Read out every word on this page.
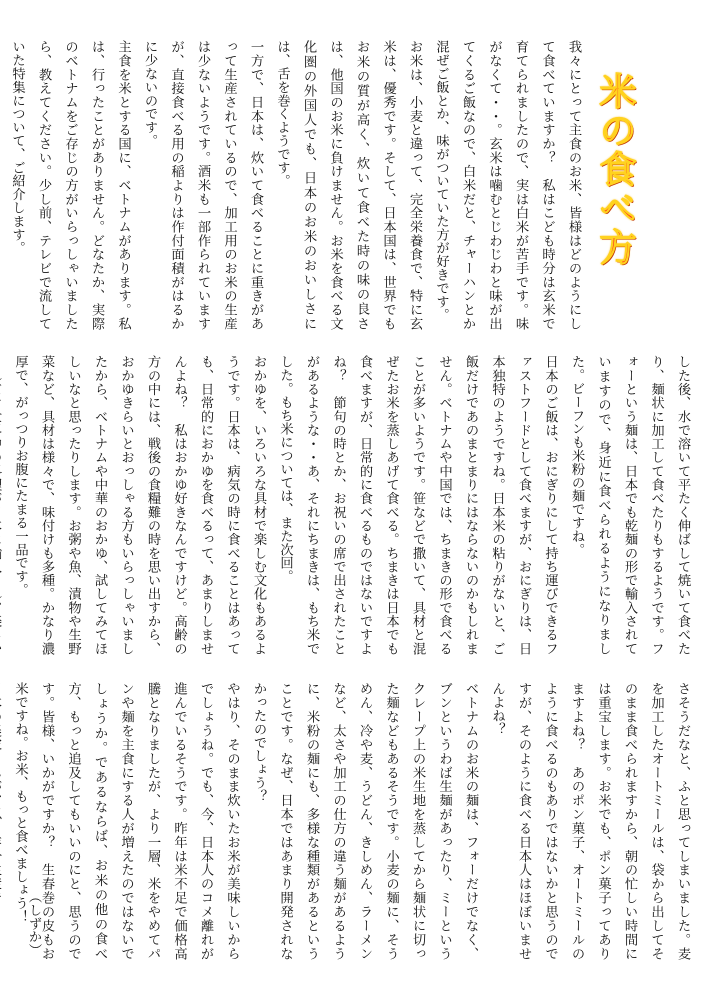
米の食べ方

我々にとって主食のお米、皆様はどのようにして食べていますか？　私はこども時分は玄米で育てられましたので、実は白米が苦手です。味がなくて・・。玄米は噛むとじわじわと味が出てくるご飯なので、白米だと、チャーハンとか混ぜご飯とか、味がついていた方が好きです。

お米は、小麦と違って、完全栄養食で、特に玄米は、優秀です。そして、日本国は、世界でもお米の質が高く、炊いて食べた時の味の良さは、他国のお米に負けません。お米を食べる文化圏の外国人でも、日本のお米のおいしさには、舌を巻くようです。

一方で、日本は、炊いて食べることに重きがあって生産されているので、加工用のお米の生産は少ないようです。酒米も一部作られていますが、直接食べる用の稲よりは作付面積がはるかに少ないのです。

主食を米とする国に、ベトナムがあります。私は、行ったことがありません。どなたか、実際のベトナムをご存じの方がいらっしゃいましたら、教えてください。少し前、テレビで流していた特集について、ご紹介します。

した後、水で溶いて平たく伸ばして焼いて食べたり、麺状に加工して食べたりもするようです。フォーという麺は、日本でも乾麺の形で輸入されていますので、身近に食べられるようになりました。ビーフンも米粉の麺ですね。

日本のご飯は、おにぎりにして持ち運びできるファストフードとして食べますが、おにぎりは、日本独特のようですね。日本米の粘りがないと、ご飯だけであのまとまりにはならないのかもしれません。ベトナムや中国では、ちまきの形で食べることが多いようです。笹などで撒いて、具材と混ぜたお米を蒸しあげて食べる。ちまきは日本でも食べますが、日常的に食べるものではないですよね？　節句の時とか、お祝いの席で出されたことがあるような・・あ、それにちまきは、もち米でした。もち米については、また次回。

おかゆを、いろいろな具材で楽しむ文化もあるようです。日本は、病気の時に食べることはあっても、日常的におかゆを食べるって、あまりしませんよね？　私はおかゆ好きなんですけど。高齢の方の中には、戦後の食糧難の時を思い出すから、おかゆきらいとおっしゃる方もいらっしゃいましたから、ベトナムや中華のおかゆ、試してみてほしいなと思ったりします。お粥や魚、漬物や生野菜など、具材は様々で、味付けも多種。かなり濃厚で、がっつりお腹にたまる一品です。

さそうだなと、ふと思ってしまいました。麦を加工したオートミールは、袋から出してそのまま食べられますから、朝の忙しい時間には重宝します。お米でも、ポン菓子ってありますよね？　あのポン菓子、オートミールのように食べるのもありではないかと思うのですが、そのように食べる日本人はほぼいませんよね？

ベトナムのお米の麺は、フォーだけでなく、ブンというわば生麺があったり、ミーというクレープ上の米生地を蒸してから麺状に切った麺などもあるそうです。小麦の麺に、そうめん、冷や麦、うどん、きしめん、ラーメンなど、太さや加工の仕方の違う麺があるように、米粉の麺にも、多様な種類があるということです。なぜ、日本ではあまり開発されなかったのでしょう？

やはり、そのまま炊いたお米が美味しいからでしょうね。でも、今、日本人のコメ離れが進んでいるそうです。昨年は米不足で価格高騰となりましたが、より一層、米をやめてパンや麺を主食にする人が増えたのではないでしょうか。であるならば、お米の他の食べ方、もっと追及してもいいのにと、思うのです。皆様、いかがですか？　生春巻の皮もお米ですね。お米、もっと食べましょう！

（しずか）
